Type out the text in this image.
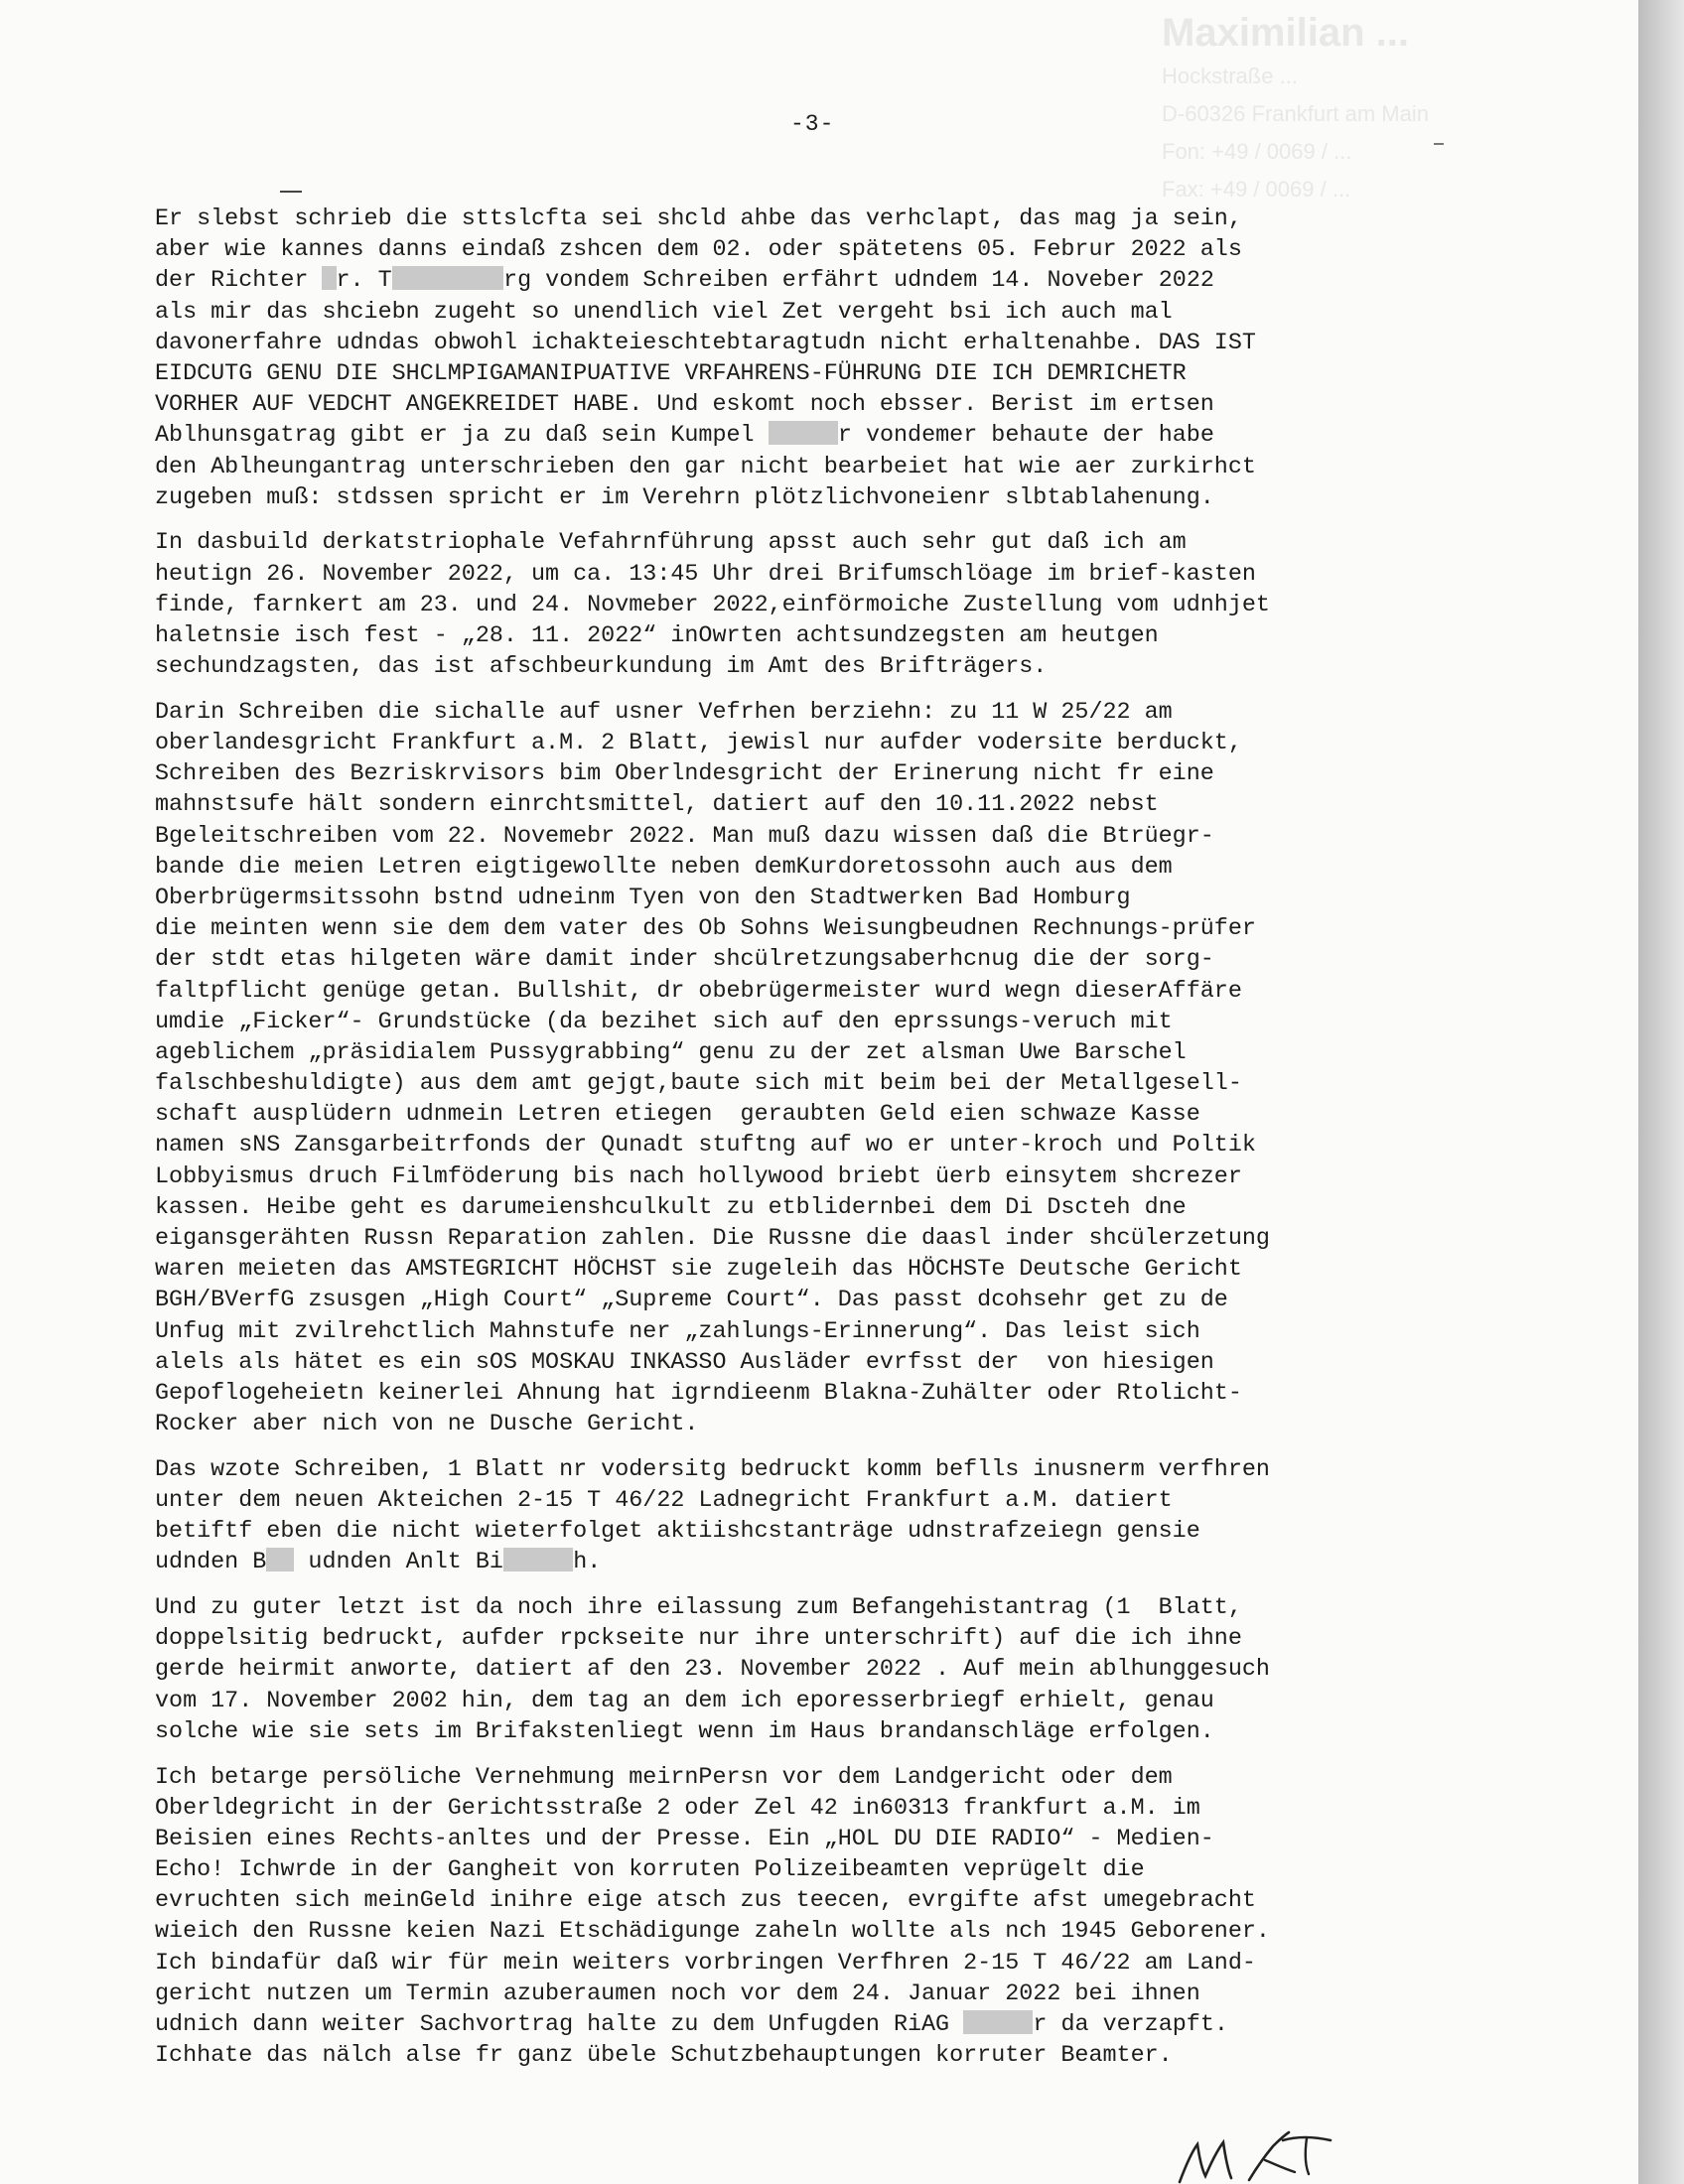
Maximilian ...
Hockstraße ...
D-60326 Frankfurt am Main
Fon: +49 / 0069 / ...
Fax: +49 / 0069 / ...
-3-
Er slebst schrieb die sttslcfta sei shcld ahbe das verhclapt, das mag ja sein,
aber wie kannes danns eindaß zshcen dem 02. oder spätetens 05. Februr 2022 als
der Richter r. T	rg vondem Schreiben erfährt udndem 14. Novеber 2022
als mir das shciebn zugeht so unendlich viel Zet vergeht bsi ich auch mal
davonerfahre udndas obwohl ichakteieschtebtaragtudn nicht erhaltenahbe. DAS IST
EIDCUTG GENU DIE SHCLMPIGAMANIPUATIVE VRFAHRENS-FÜHRUNG DIE ICH DEMRICHETR
VORHER AUF VEDCHT ANGEKREIDET HABE. Und eskomt noch ebsser. Berist im ertsen
Ablhunsgatrag gibt er ja zu daß sein Kumpel	r vondemer behaute der habe
den Ablheungantrag unterschrieben den gar nicht bearbeiet hat wie aer zurkirhct
zugeben muß: stdssen spricht er im Verehrn plötzlichvoneienr slbtablahenung.
In dasbuild derkatstriophale Vefahrnführung apsst auch sehr gut daß ich am
heutign 26. November 2022, um ca. 13:45 Uhr drei Brifumschlöage im brief-kasten
finde, farnkert am 23. und 24. Novmeber 2022,einförmoiche Zustellung vom udnhjet
haletnsie isch fest - „28. 11. 2022“ inOwrten achtsundzegsten am heutgen
sechundzagsten, das ist afschbeurkundung im Amt des Brifträgers.
Darin Schreiben die sichalle auf usner Vefrhen berziehn: zu 11 W 25/22 am
oberlandesgricht Frankfurt a.M. 2 Blatt, jewisl nur aufder vodersite berduckt,
Schreiben des Bezriskrvisors bim Oberlndesgricht der Erinerung nicht fr eine
mahnstsufe hält sondern einrchtsmittel, datiert auf den 10.11.2022 nebst
Bgeleitschreiben vom 22. Novemebr 2022. Man muß dazu wissen daß die Btrüegr-
bande die meien Letren eigtigewollte neben demKurdoretossohn auch aus dem
Oberbrügermsitssohn bstnd udneinm Tyen von den Stadtwerken Bad Homburg
die meinten wenn sie dem dem vater des Ob Sohns Weisungbeudnen Rechnungs-prüfer
der stdt etas hilgeten wäre damit inder shcülretzungsaberhcnug die der sorg-
faltpflicht genüge getan. Bullshit, dr obebrügermeister wurd wegn dieserAffäre
umdie „Ficker“- Grundstücke (da bezihet sich auf den eprssungs-veruch mit
ageblichem „präsidialem Pussygrabbing“ genu zu der zet alsman Uwe Barschel
falschbeshuldigte) aus dem amt gejgt,baute sich mit beim bei der Metallgesell-
schaft ausplüdern udnmein Letren etiegen  geraubten Geld eien schwaze Kasse
namen sNS Zansgarbeitrfonds der Qunadt stuftng auf wo er unter-kroch und Poltik
Lobbyismus druch Filmföderung bis nach hollywood briebt üerb einsytem shcrezer
kassen. Heibe geht es darumeienshculkult zu etblidernbei dem Di Dscteh dne
eigansgerähten Russn Reparation zahlen. Die Russne die daasl inder shcülerzetung
waren meieten das AMSTEGRICHT HÖCHST sie zugeleih das HÖCHSTe Deutsche Gericht
BGH/BVerfG zsusgen „High Court“ „Supreme Court“. Das passt dcohsehr get zu de
Unfug mit zvilrehctlich Mahnstufe ner „zahlungs-Erinnerung“. Das leist sich
alels als hätet es ein sOS MOSKAU INKASSO Ausläder evrfsst der  von hiesigen
Gepoflogeheietn keinerlei Ahnung hat igrndieenm Blakna-Zuhälter oder Rtolicht-
Rocker aber nich von ne Dusche Gericht.
Das wzote Schreiben, 1 Blatt nr vodersitg bedruckt komm beflls inusnerm verfhren
unter dem neuen Akteichen 2-15 T 46/22 Ladnegricht Frankfurt a.M. datiert
betiftf eben die nicht wieterfolget aktiishcstanträge udnstrafzeiegn gensie
udnden B udnden Anlt Bi	h.
Und zu guter letzt ist da noch ihre eilassung zum Befangehistantrag (1  Blatt,
doppelsitig bedruckt, aufder rpckseite nur ihre unterschrift) auf die ich ihne
gerde heirmit anworte, datiert af den 23. November 2022 . Auf mein ablhunggesuch
vom 17. November 2002 hin, dem tag an dem ich eporesserbriegf erhielt, genau
solche wie sie sets im Brifakstenliegt wenn im Haus brandanschläge erfolgen.
Ich betarge persöliche Vernehmung meirnPersn vor dem Landgericht oder dem
Oberldegricht in der Gerichtsstraße 2 oder Zel 42 in60313 frankfurt a.M. im
Beisien eines Rechts-anltes und der Presse. Ein „HOL DU DIE RADIO“ - Medien-
Echo! Ichwrde in der Gangheit von korruten Polizeibeamten veprügelt die
evruchten sich meinGeld inihre eige atsch zus teecen, evrgifte afst umegebracht
wieich den Russne keien Nazi Etschädigunge zaheln wollte als nch 1945 Geborener.
Ich bindafür daß wir für mein weiters vorbringen Verfhren 2-15 T 46/22 am Land-
gericht nutzen um Termin azuberaumen noch vor dem 24. Januar 2022 bei ihnen
udnich dann weiter Sachvortrag halte zu dem Unfugden RiAG	r da verzapft.
Ichhate das nälch alse fr ganz übele Schutzbehauptungen korruter Beamter.
